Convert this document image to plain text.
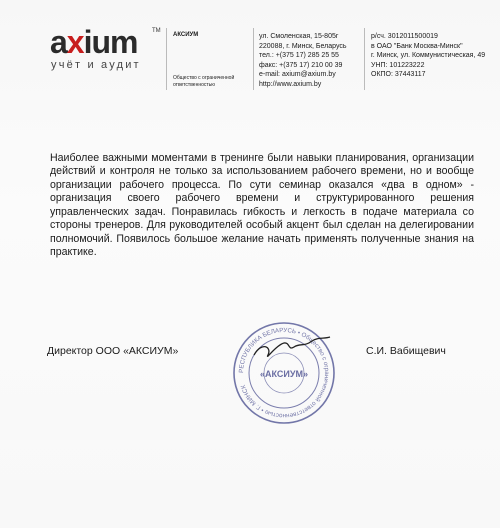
axium TM
учёт и аудит
АКСИУМ
Общество с ограниченной ответственностью
ул. Смоленская, 15-805г
220088, г. Минск, Беларусь
тел.: +(375 17) 285 25 55
факс: +(375 17) 210 00 39
e-mail: axium@axium.by
http://www.axium.by
р/сч. 3012011500019
в ОАО "Банк Москва-Минск"
г. Минск, ул. Коммунистическая, 49
УНП: 101223222
ОКПО: 37443117
Наиболее важными моментами в тренинге были навыки планирования, организации действий и контроля не только за использованием рабочего времени, но и вообще организации рабочего процесса. По сути семинар оказался «два в одном» - организация своего рабочего времени и структурированного решения управленческих задач. Понравилась гибкость и легкость в подаче материала со стороны тренеров. Для руководителей особый акцент был сделан на делегировании полномочий. Появилось большое желание начать применять полученные знания на практике.
Директор ООО «АКСИУМ»	С.И. Вабищевич
РЕСПУБЛИКА БЕЛАРУСЬ • Общество с ограниченной ответственностью • Г. МИНСК
«АКСИУМ»
